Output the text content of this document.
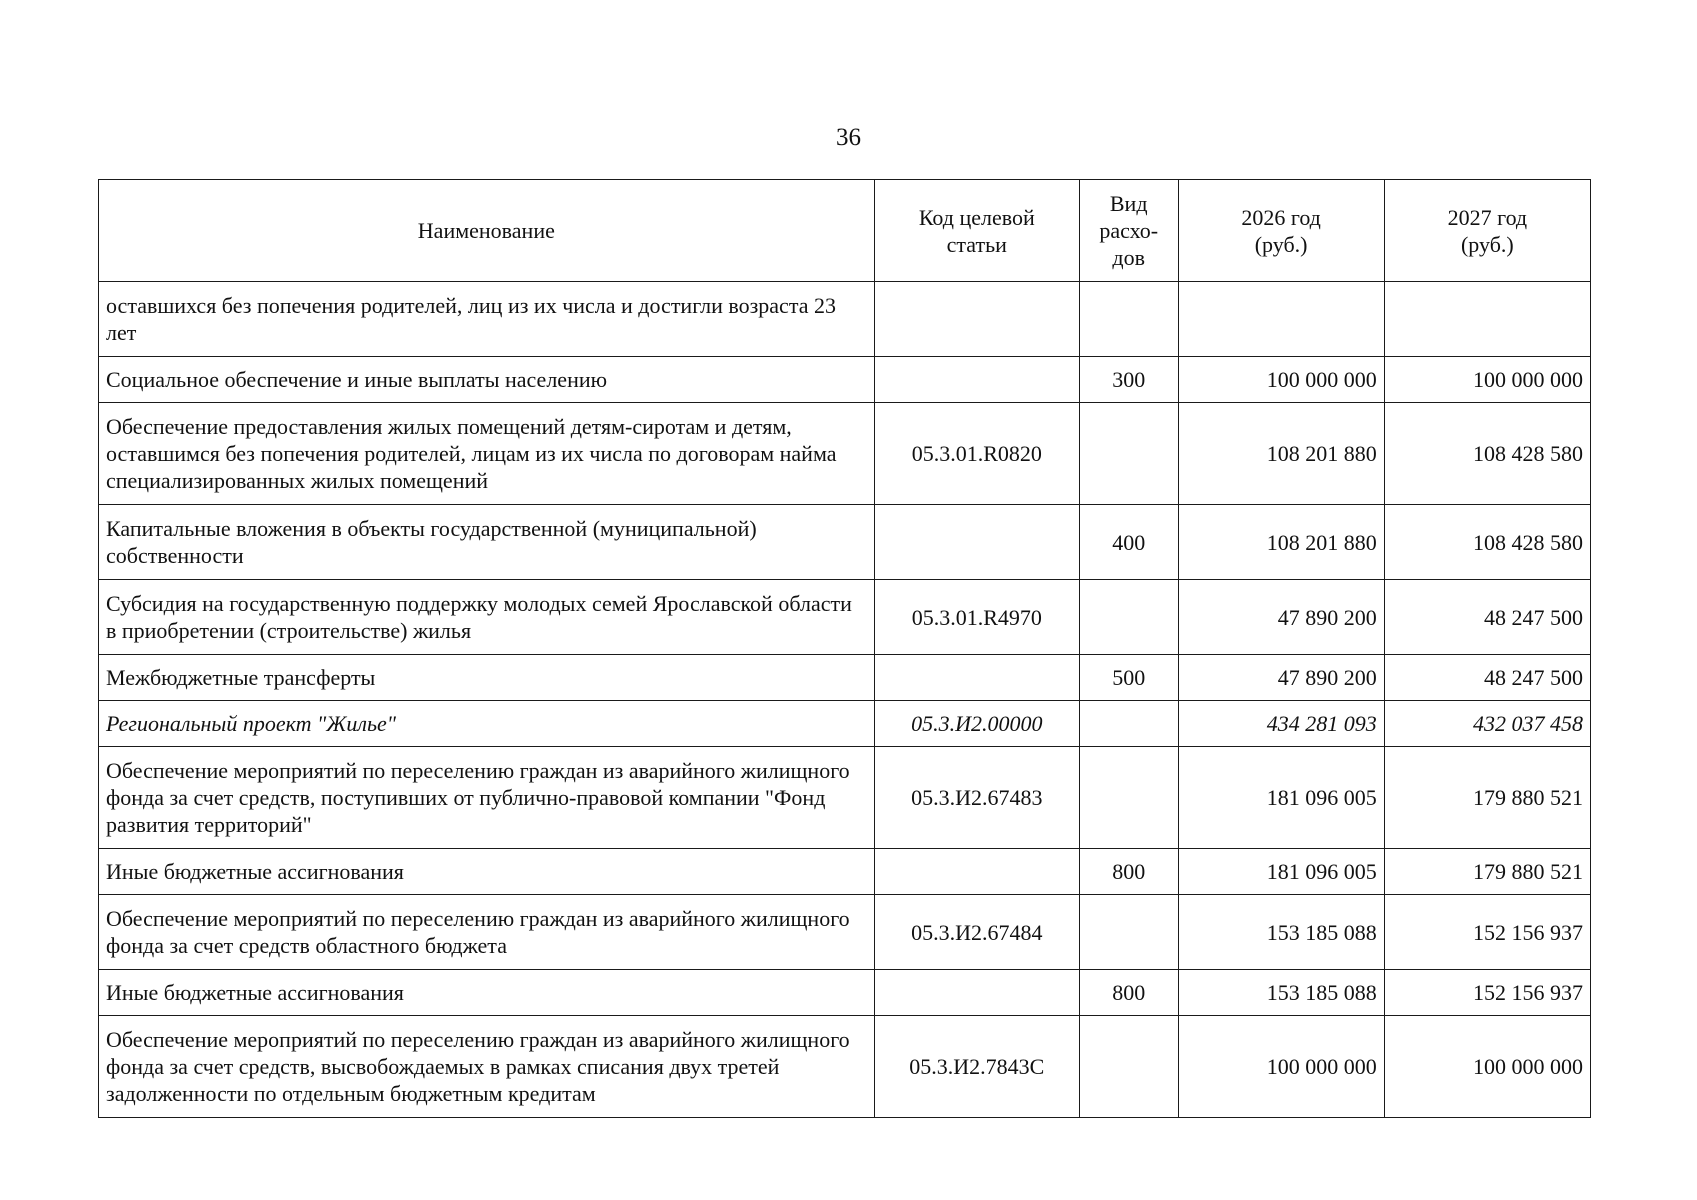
36
Наименование	Код целевой статьи	Вид расхо-дов	2026 год (руб.)	2027 год (руб.)
оставшихся без попечения родителей, лиц из их числа и достигли возраста 23 лет				
Социальное обеспечение и иные выплаты населению		300	100 000 000	100 000 000
Обеспечение предоставления жилых помещений детям-сиротам и детям, оставшимся без попечения родителей, лицам из их числа по договорам найма специализированных жилых помещений	05.3.01.R0820		108 201 880	108 428 580
Капитальные вложения в объекты государственной (муниципальной) собственности		400	108 201 880	108 428 580
Субсидия на государственную поддержку молодых семей Ярославской области в приобретении (строительстве) жилья	05.3.01.R4970		47 890 200	48 247 500
Межбюджетные трансферты		500	47 890 200	48 247 500
Региональный проект "Жилье"	05.3.И2.00000		434 281 093	432 037 458
Обеспечение мероприятий по переселению граждан из аварийного жилищного фонда за счет средств, поступивших от публично-правовой компании "Фонд развития территорий"	05.3.И2.67483		181 096 005	179 880 521
Иные бюджетные ассигнования		800	181 096 005	179 880 521
Обеспечение мероприятий по переселению граждан из аварийного жилищного фонда за счет средств областного бюджета	05.3.И2.67484		153 185 088	152 156 937
Иные бюджетные ассигнования		800	153 185 088	152 156 937
Обеспечение мероприятий по переселению граждан из аварийного жилищного фонда за счет средств, высвобождаемых в рамках списания двух третей задолженности по отдельным бюджетным кредитам	05.3.И2.7843С		100 000 000	100 000 000
